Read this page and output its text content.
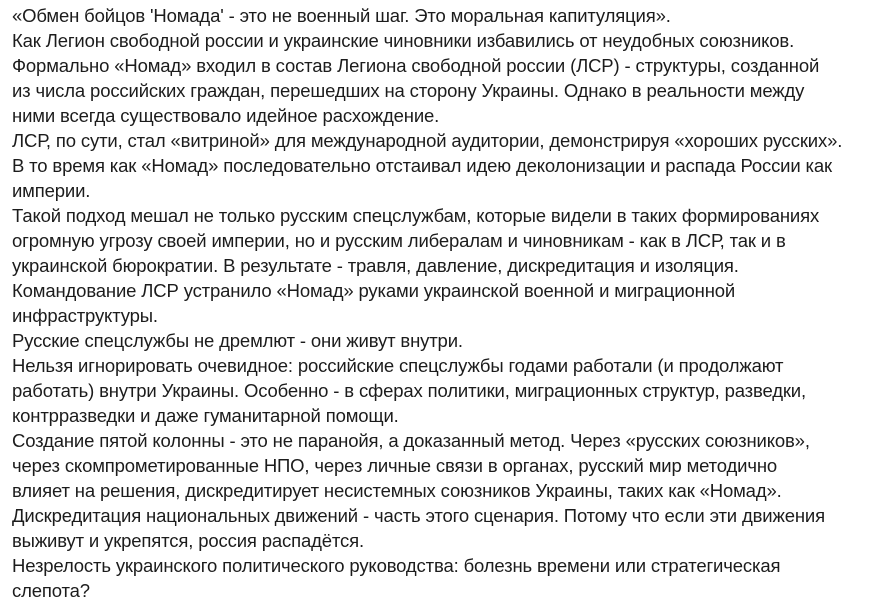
«Обмен бойцов 'Номада' - это не военный шаг. Это моральная капитуляция».
Как Легион свободной россии и украинские чиновники избавились от неудобных союзников.
Формально «Номад» входил в состав Легиона свободной россии (ЛСР) - структуры, созданной
из числа российских граждан, перешедших на сторону Украины. Однако в реальности между
ними всегда существовало идейное расхождение.
ЛСР, по сути, стал «витриной» для международной аудитории, демонстрируя «хороших русских».
В то время как «Номад» последовательно отстаивал идею деколонизации и распада России как
империи.
Такой подход мешал не только русским спецслужбам, которые видели в таких формированиях
огромную угрозу своей империи, но и русским либералам и чиновникам - как в ЛСР, так и в
украинской бюрократии. В результате - травля, давление, дискредитация и изоляция.
Командование ЛСР устранило «Номад» руками украинской военной и миграционной
инфраструктуры.
Русские спецслужбы не дремлют - они живут внутри.
Нельзя игнорировать очевидное: российские спецслужбы годами работали (и продолжают
работать) внутри Украины. Особенно - в сферах политики, миграционных структур, разведки,
контрразведки и даже гуманитарной помощи.
Создание пятой колонны - это не паранойя, а доказанный метод. Через «русских союзников»,
через скомпрометированные НПО, через личные связи в органах, русский мир методично
влияет на решения, дискредитирует несистемных союзников Украины, таких как «Номад».
Дискредитация национальных движений - часть этого сценария. Потому что если эти движения
выживут и укрепятся, россия распадётся.
Незрелость украинского политического руководства: болезнь времени или стратегическая
слепота?
